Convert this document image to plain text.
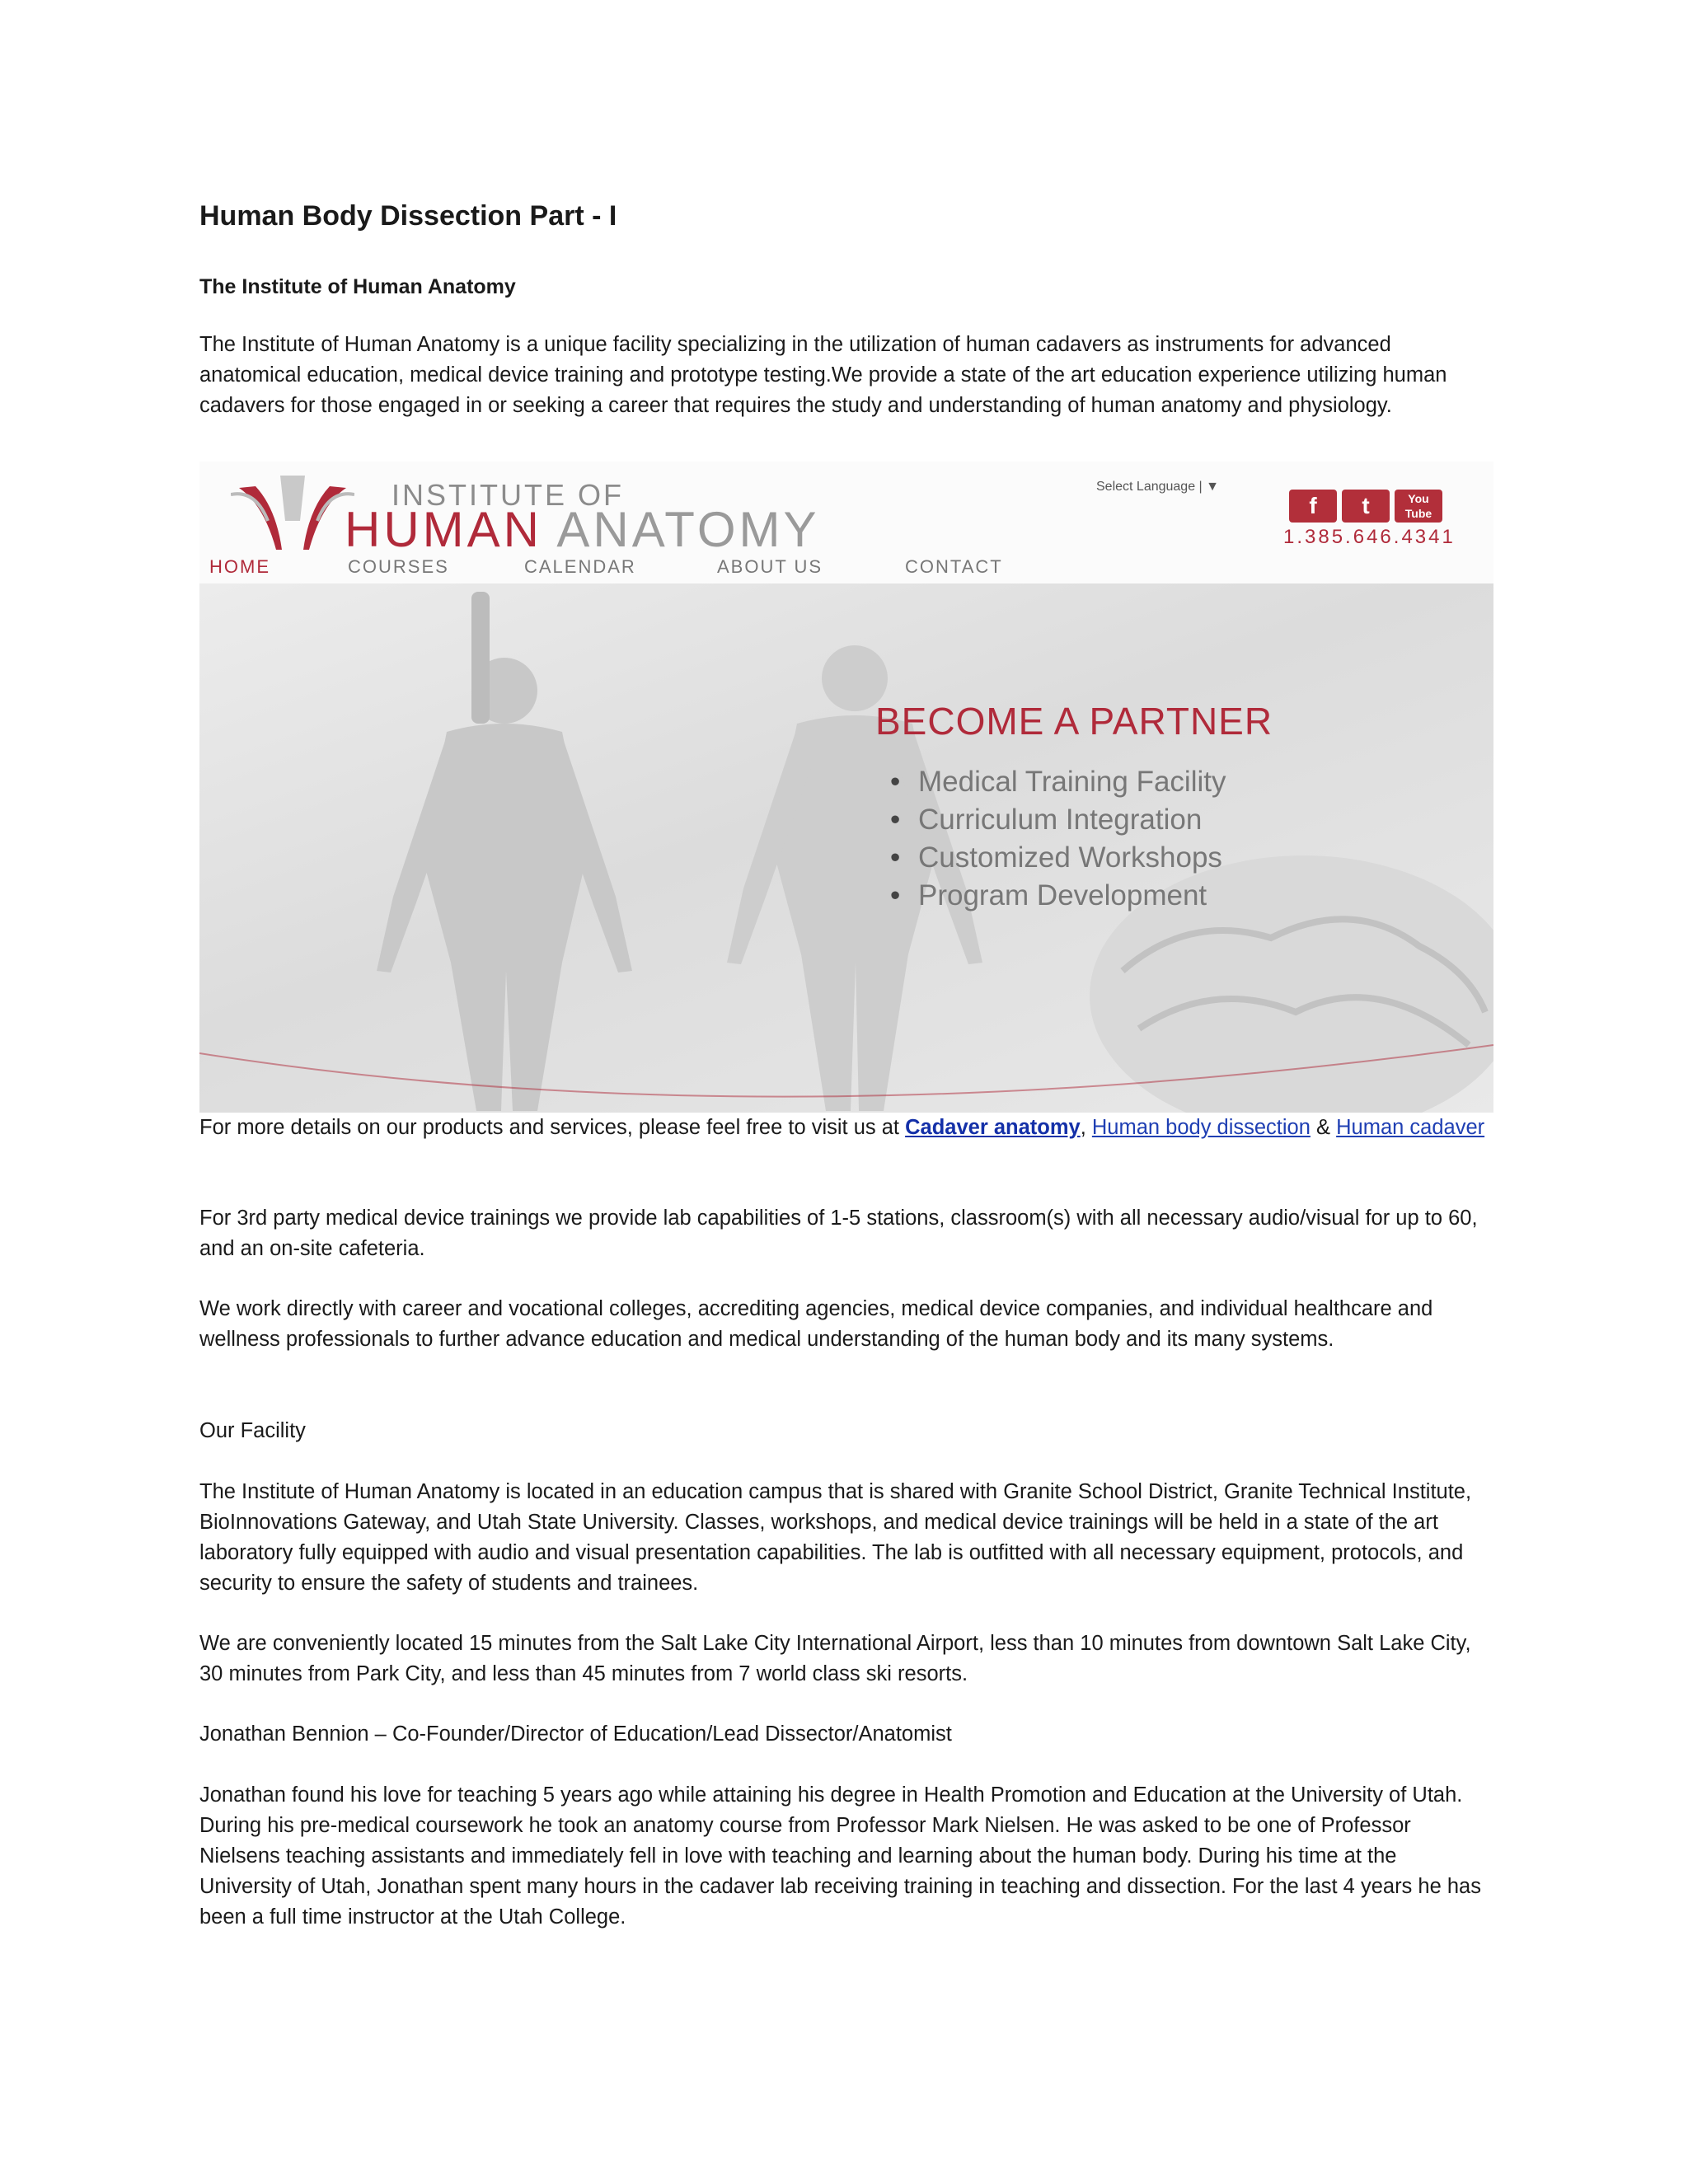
Human Body Dissection Part - I
The Institute of Human Anatomy

The Institute of Human Anatomy is a unique facility specializing in the utilization of human cadavers as instruments for advanced anatomical education, medical device training and prototype testing.We provide a state of the art education experience utilizing human cadavers for those engaged in or seeking a career that requires the study and understanding of human anatomy and physiology.

INSTITUTE OF
HUMAN ANATOMY
Select Language | ▼
f	t	You Tube
1.385.646.4341
HOME	COURSES	CALENDAR	ABOUT US	CONTACT
BECOME A PARTNER
• Medical Training Facility
• Curriculum Integration
• Customized Workshops
• Program Development

For more details on our products and services, please feel free to visit us at Cadaver anatomy, Human body dissection & Human cadaver

For 3rd party medical device trainings we provide lab capabilities of 1-5 stations, classroom(s) with all necessary audio/visual for up to 60, and an on-site cafeteria.

We work directly with career and vocational colleges, accrediting agencies, medical device companies, and individual healthcare and wellness professionals to further advance education and medical understanding of the human body and its many systems.

Our Facility

The Institute of Human Anatomy is located in an education campus that is shared with Granite School District, Granite Technical Institute, BioInnovations Gateway, and Utah State University. Classes, workshops, and medical device trainings will be held in a state of the art laboratory fully equipped with audio and visual presentation capabilities. The lab is outfitted with all necessary equipment, protocols, and security to ensure the safety of students and trainees.

We are conveniently located 15 minutes from the Salt Lake City International Airport, less than 10 minutes from downtown Salt Lake City, 30 minutes from Park City, and less than 45 minutes from 7 world class ski resorts.

Jonathan Bennion – Co-Founder/Director of Education/Lead Dissector/Anatomist

Jonathan found his love for teaching 5 years ago while attaining his degree in Health Promotion and Education at the University of Utah. During his pre-medical coursework he took an anatomy course from Professor Mark Nielsen. He was asked to be one of Professor Nielsens teaching assistants and immediately fell in love with teaching and learning about the human body. During his time at the University of Utah, Jonathan spent many hours in the cadaver lab receiving training in teaching and dissection. For the last 4 years he has been a full time instructor at the Utah College.
